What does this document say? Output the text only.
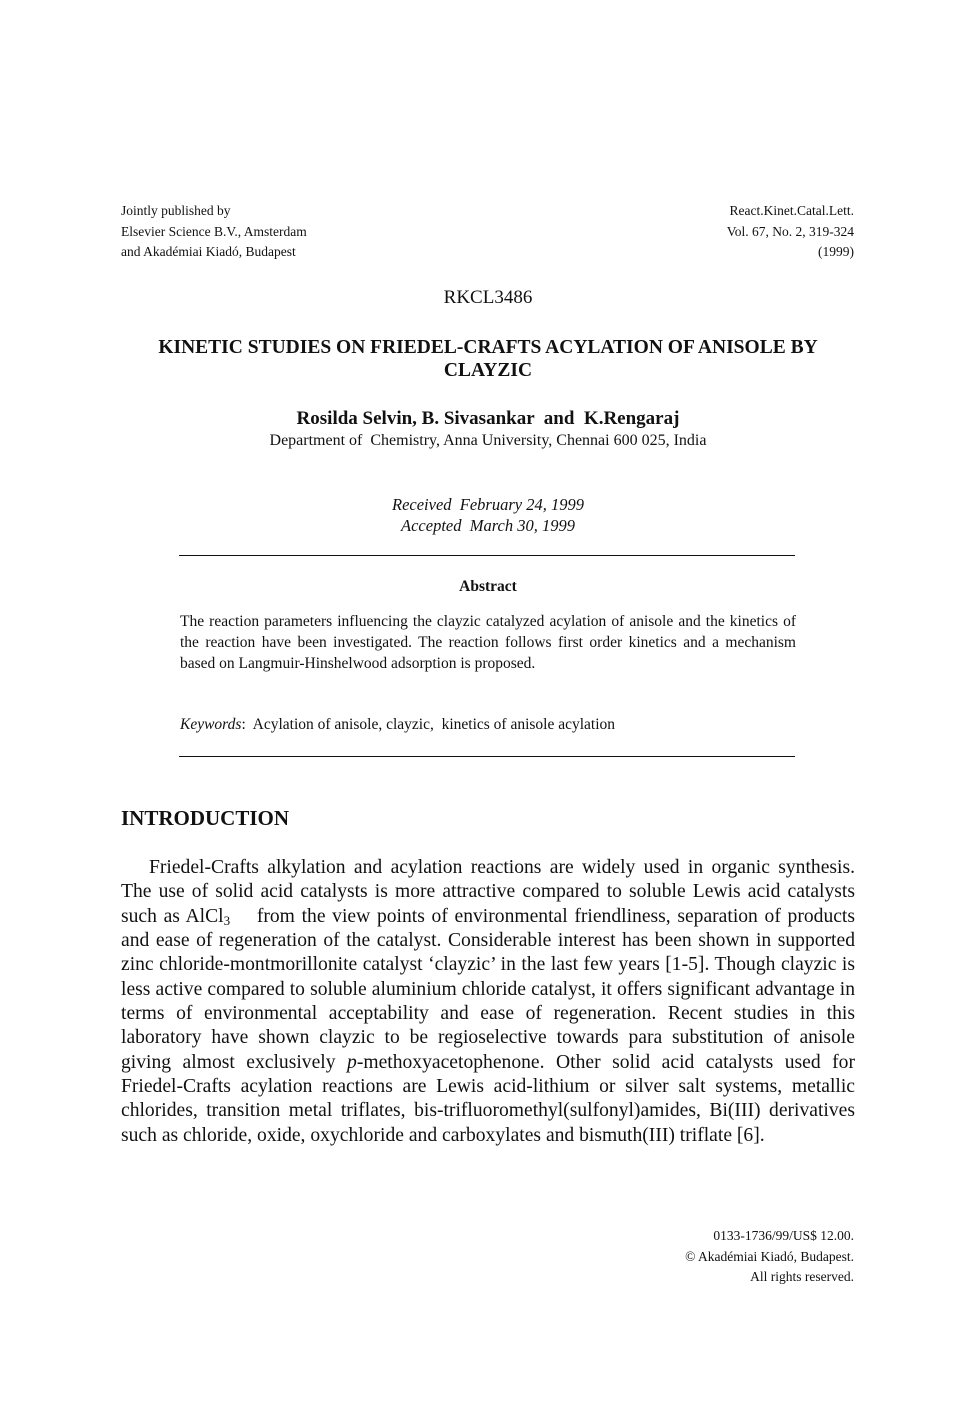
Jointly published by
Elsevier Science B.V., Amsterdam
and Akadémiai Kiadó, Budapest
React.Kinet.Catal.Lett.
Vol. 67, No. 2, 319-324
(1999)
RKCL3486
KINETIC STUDIES ON FRIEDEL-CRAFTS ACYLATION OF ANISOLE BY CLAYZIC
Rosilda Selvin, B. Sivasankar  and  K.Rengaraj
Department of  Chemistry, Anna University, Chennai 600 025, India
Received  February 24, 1999
Accepted  March 30, 1999
Abstract
The reaction parameters influencing the clayzic catalyzed acylation of anisole and the kinetics of the reaction have been investigated. The reaction follows first order kinetics and a mechanism based on Langmuir-Hinshelwood adsorption is proposed.
Keywords:  Acylation of anisole, clayzic,  kinetics of anisole acylation
INTRODUCTION

Friedel-Crafts alkylation and acylation reactions are widely used in organic synthesis. The use of solid acid catalysts is more attractive compared to soluble Lewis acid catalysts such as AlCl$_3$ from the view points of environmental friendliness, separation of products and ease of regeneration of the catalyst. Considerable interest has been shown in supported zinc chloride-montmorillonite catalyst ‘clayzic’ in the last few years [1-5]. Though clayzic is less active compared to soluble aluminium chloride catalyst, it offers significant advantage in terms of environmental acceptability and ease of regeneration. Recent studies in this laboratory have shown clayzic to be regioselective towards para substitution of anisole giving almost exclusively p-methoxyacetophenone. Other solid acid catalysts used for Friedel-Crafts acylation reactions are Lewis acid-lithium or silver salt systems, metallic chlorides, transition metal triflates, bis-trifluoromethyl(sulfonyl)amides, Bi(III) derivatives such as chloride, oxide, oxychloride and carboxylates and bismuth(III) triflate [6].

0133-1736/99/US$ 12.00.
© Akadémiai Kiadó, Budapest.
All rights reserved.
